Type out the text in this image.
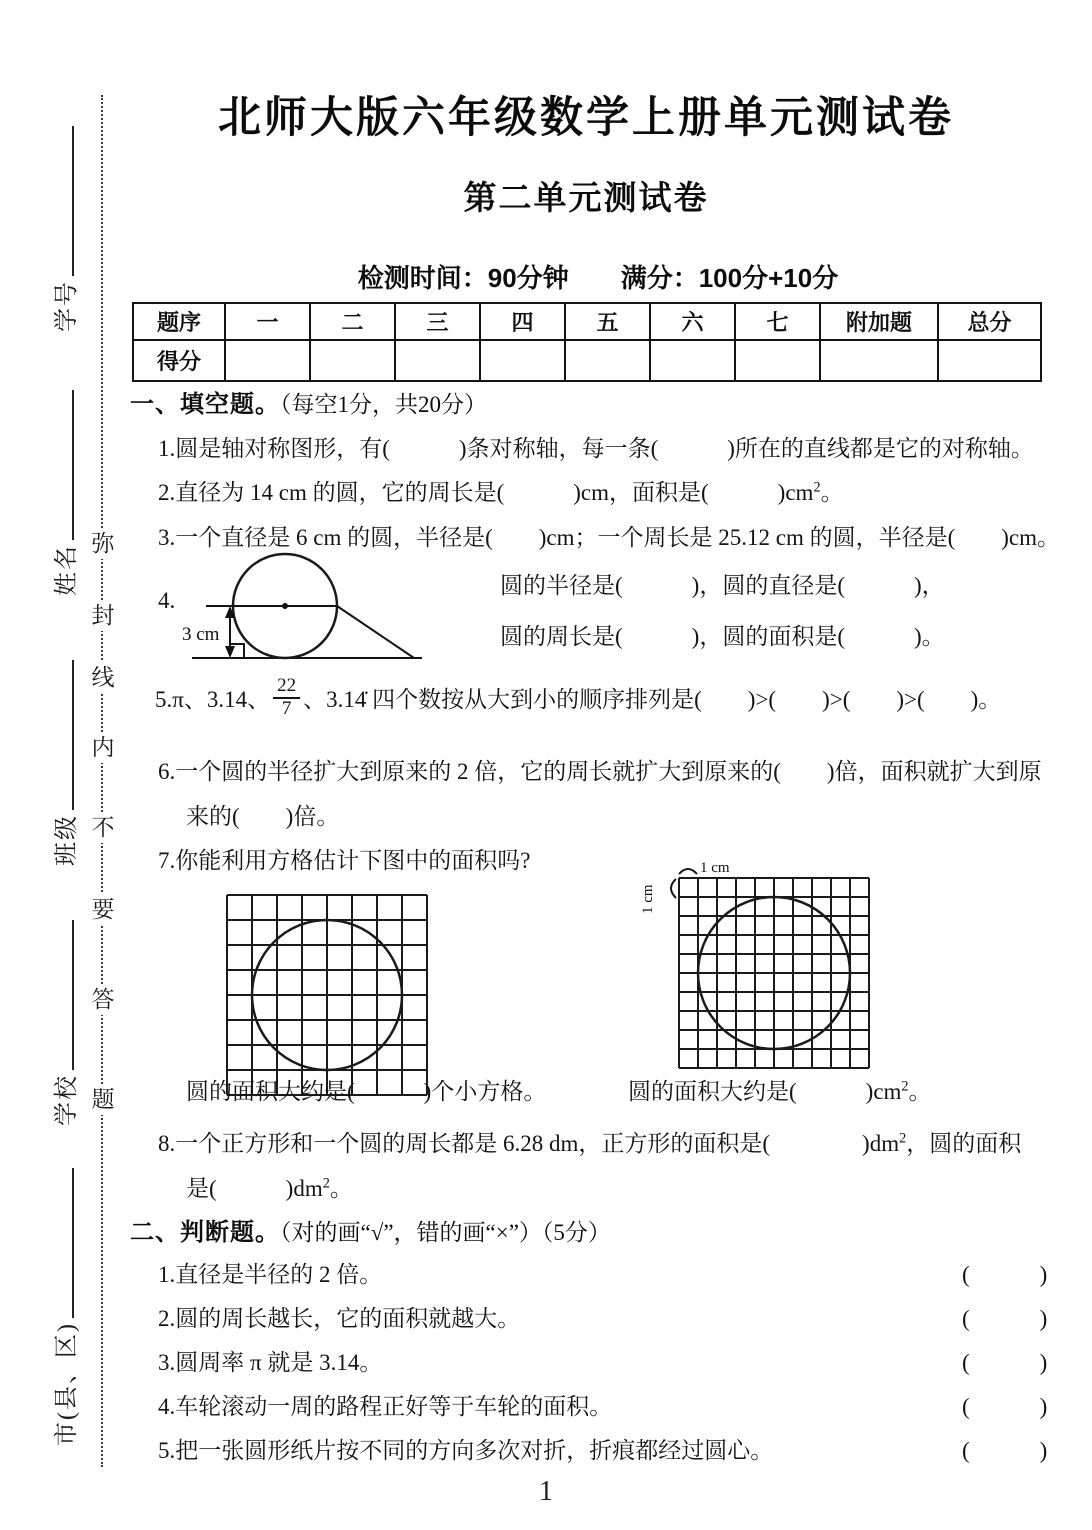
学号
姓名
班级
学校
市(县、区)
弥
封
线
内
不
要
答
题
北师大版六年级数学上册单元测试卷
第二单元测试卷
检测时间：90分钟　　满分：100分+10分
题序	一	二	三	四	五	六	七	附加题	总分
得分									
一、填空题。（每空1分，共20分）
1.圆是轴对称图形，有(　　　)条对称轴，每一条(　　　)所在的直线都是它的对称轴。
2.直径为 14 cm 的圆，它的周长是(　　　)cm，面积是(　　　)$cm^2$。
3.一个直径是 6 cm 的圆，半径是(　　)cm；一个周长是 25.12 cm 的圆，半径是(　　)cm。
4.
3 cm
圆的半径是(　　　)，圆的直径是(　　　)，
圆的周长是(　　　)，圆的面积是(　　　)。
5.π、3.14、 $\frac{22}{7}$ 、3.14̇ 四个数按从大到小的顺序排列是(　　)>(　　)>(　　)>(　　)。
6.一个圆的半径扩大到原来的 2 倍，它的周长就扩大到原来的(　　)倍，面积就扩大到原
来的(　　)倍。
7.你能利用方格估计下图中的面积吗?	1 cm
1 cm
圆的面积大约是(　　　)个小方格。	圆的面积大约是(　　　)$cm^2$。
8.一个正方形和一个圆的周长都是 6.28 dm，正方形的面积是(　　　　)$dm^2$，圆的面积
是(　　　)$dm^2$。
二、判断题。（对的画“√”，错的画“×”）（5分）
1.直径是半径的 2 倍。	(　　)
2.圆的周长越长，它的面积就越大。	(　　)
3.圆周率 π 就是 3.14。	(　　)
4.车轮滚动一周的路程正好等于车轮的面积。	(　　)
5.把一张圆形纸片按不同的方向多次对折，折痕都经过圆心。	(　　)
1
